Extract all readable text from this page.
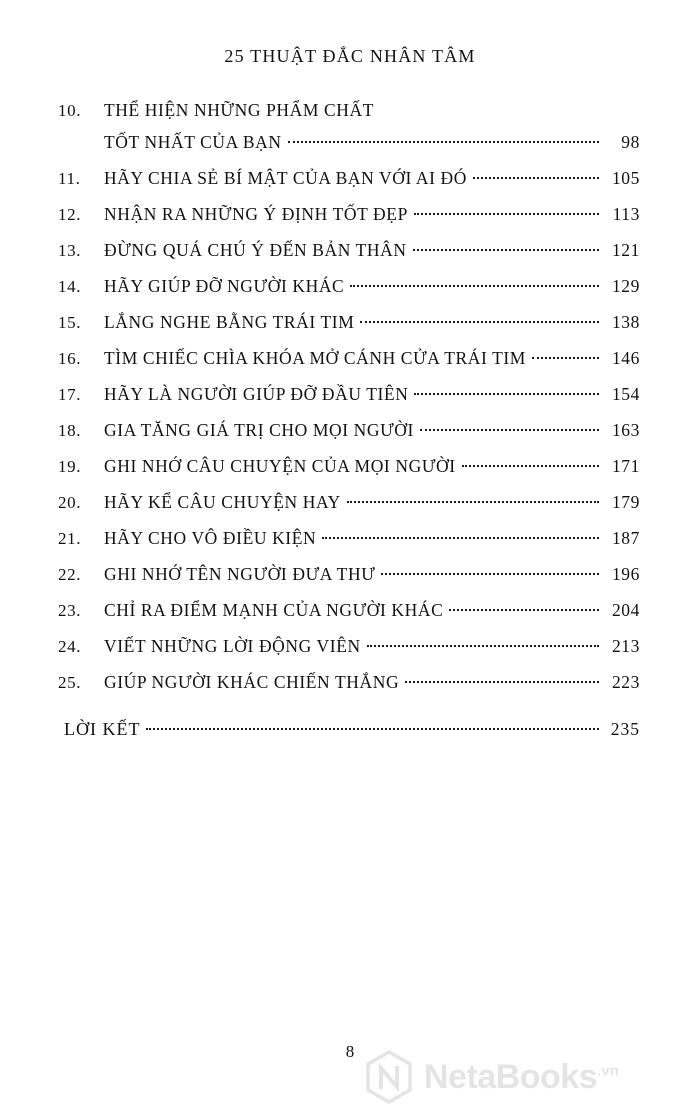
25 THUẬT ĐẮC NHÂN TÂM
10.	THỂ HIỆN NHỮNG PHẨM CHẤT
TỐT NHẤT CỦA BẠN	98
11.	HÃY CHIA SẺ BÍ MẬT CỦA BẠN VỚI AI ĐÓ	105
12.	NHẬN RA NHỮNG Ý ĐỊNH TỐT ĐẸP	113
13.	ĐỪNG QUÁ CHÚ Ý ĐẾN BẢN THÂN	121
14.	HÃY GIÚP ĐỠ NGƯỜI KHÁC	129
15.	LẮNG NGHE BẰNG TRÁI TIM	138
16.	TÌM CHIẾC CHÌA KHÓA MỞ CÁNH CỬA TRÁI TIM	146
17.	HÃY LÀ NGƯỜI GIÚP ĐỠ ĐẦU TIÊN	154
18.	GIA TĂNG GIÁ TRỊ CHO MỌI NGƯỜI	163
19.	GHI NHỚ CÂU CHUYỆN CỦA MỌI NGƯỜI	171
20.	HÃY KỂ CÂU CHUYỆN HAY	179
21.	HÃY CHO VÔ ĐIỀU KIỆN	187
22.	GHI NHỚ TÊN NGƯỜI ĐƯA THƯ	196
23.	CHỈ RA ĐIỂM MẠNH CỦA NGƯỜI KHÁC	204
24.	VIẾT NHỮNG LỜI ĐỘNG VIÊN	213
25.	GIÚP NGƯỜI KHÁC CHIẾN THẮNG	223
LỜI KẾT	235
8
NetaBooks$^{.vn}$
